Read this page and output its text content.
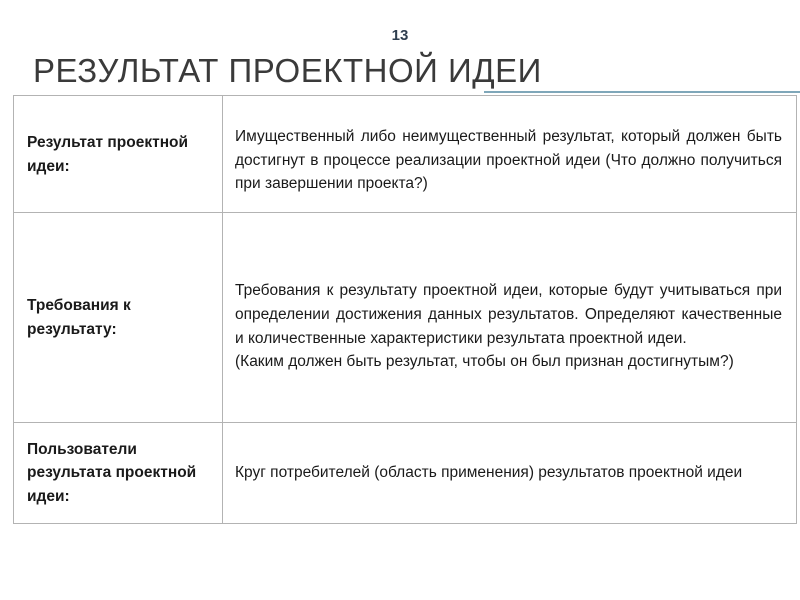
13
РЕЗУЛЬТАТ ПРОЕКТНОЙ ИДЕИ
Результат проектной идеи:	Имущественный либо неимущественный результат, который должен быть достигнут в процессе реализации проектной идеи (Что должно получиться при завершении проекта?)

Требования к результату:	Требования к результату проектной идеи, которые будут учитываться при определении достижения данных результатов. Определяют качественные и количественные характеристики результата проектной идеи.

(Каким должен быть результат, чтобы он был признан достигнутым?)

Пользователи результата проектной идеи:	Круг потребителей (область применения) результатов проектной идеи
